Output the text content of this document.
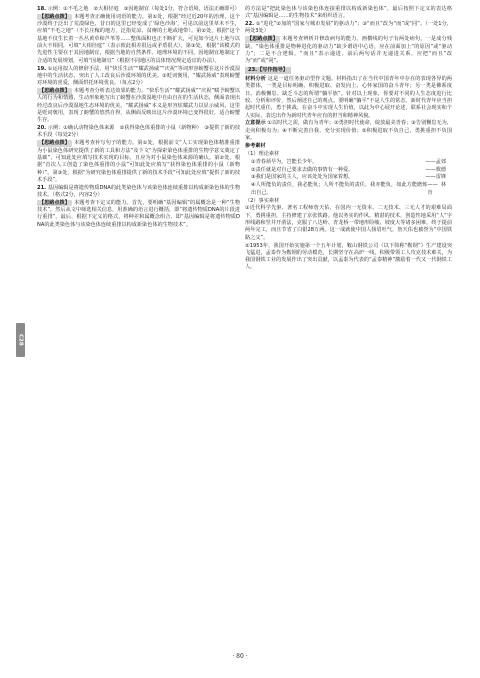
C28
18. 示例：①不毛之地　②大相径庭　③因地制宜（每处1分，符合语境，语法正确即可）
【思路点拨】 本题考查正确使用词语的能力。第①处，根据“经过近20年的治理，这个沙漠终于泛出了荒漠绿色，昔日的这里已经变成了‘绿色沙海’，可见以前这里草木不生，应填“不毛之地”（不长庄稼的地方，泛指荒凉、贫瘠的土地或地带）。第②处，根据“这个基地不仅生长着一丛丛黄草和芦苇等……整体面积也正不断扩大，可见如今这片土地与以前大不相同，可填“大相径庭”（表示彼此相差很远或矛盾很大）。第③处，根据“该模式的先进性主要在于其因地制宜，根据当地的自然条件、地理环境的不同，因地制宜地制定了合适的发展规划，可填“因地制宜”（根据不同地区的具体情况规定适宜的办法）。
19. ①运用拟人的修辞手法，用“快乐生活”“耀武扬威”“庆祝”等词形容螃蟹在这片沙漠湿地中的生活状态，突出了人工改良后沙漠环境的优美。②贬词褒用，“耀武扬威”表现螃蟹对环境的喜爱，侧面烘托环境优良。（每点2分）
【思路点拨】 本题考查分析表达效果的能力。“快乐生活”“耀武扬威”“庆祝”赋予螃蟹以人的行为和情感，生动形象地写出了螃蟹在沙漠湿地中自由自在的生活状态，侧面表现出经过改良后沙漠湿地生态环境的优美。“耀武扬威”本义是形容炫耀武力以显示威风，这里是贬词褒用，表现了螃蟹的悠然自得，从侧面反映出这片沙漠环境已变得很好，适合螃蟹生存。
20. 示例：①确认动物染色体来源　②获得染色体重排的小鼠（新物种）　③提供了新的技术手段（每处2分）
【思路点拨】 本题考查补写句子的能力。第①处，根据前文“人工实现染色体精准重排为小鼠染色体研究提供了新的工具和方法”及下文“为探索染色体重排的生物学意义奠定了基础”，可知此处应填写技术实现的目标，且应为对小鼠染色体来源的确认。第②处，根据“首次人工创造了染色体重排的小鼠”可知此处应填写“获得染色体重排的小鼠（新物种）”。第③处，根据“为研究染色体重排提供了新的技术手段”可知此处应填“提供了新的技术手段”。
21. 基因编辑是将遗传物质DNA的此类染色体与该染色体连续重排以构成新染色体的生物技术。（格式2分，内容2分）
【思路点拨】 本题考查下定义的能力。首先，要明确“基因编辑”的属概念是一种“生物技术”，然后从文中筛选相关信息，用准确的语言进行概括，即“将遗传物质DNA的片段进行重排”。最后，根据下定义的格式，将种差和属概念组合，即“基因编辑是将遗传物质DNA的此类染色体与该染色体连续重排以构成新染色体的生物技术”。
的方法是“把此染色体与该染色体连接重排以构成新染色体”，最后按照下定义的表达格式“基因编辑是……的生物技术”来组织语言。
22. ①“进化”②加的“国家与城市发展”的驱动力”；③“而且”改为“而”或“同”。（一处1分，两处3处）
【思路点拨】 本题考查辨析并修改病句的能力。画横线的句子有两处病句，一是成分残缺，“染色体重排是物种进化的驱动力”缺少谓语中心语，应在前面加上“的原因”或“驱动力”；二是不合逻辑，“而且”表示递进，前后两句话并无递进关系，应把“而且”改为“而”或“同”。
23.【写作指导】
材料分析 这是一道任务驱动型作文题。材料指出了在当代中国青年中存在的表现各异的两类群体，一类是目标明确、积极进取、奋发向上、心怀家国的奋斗青年；另一类是佛系度日、消极懈怠、缺乏斗志的所谓“躺平族”。针对以上现象，你要对不同的人生态度进行比较、分析和评价，然后阐述自己的观点。要明确“躺平”不是人生的常态，新时代青年应当担起时代重任，勇于挑战，在奋斗中实现人生价值，以此为中心展开论述，联系社会现实和个人实际，表达出作为新时代青年应有的担当和精神风貌。
立意提示 ①以时代之需，做有为青年；②勇担时代使命，绽放最美青春；③告别懈怠无为，走向积极有为；④不断完善自我，充分实现价值；⑤积极进取不负自己，勇挑重担不负国家。
参考素材
（1）理论素材
①青春须早为，岂能长少年。	——孟郊
②责任就是对自己要求去做的事情有一种爱。	——歌德
③我们是国家的主人，应该处处为国家着想。	——雷锋
④人所能负的责任，我必能负；人所不能负的责任，我亦能负，如此方能磨炼出自己。
——林肯
（2）事实素材
①近代科学先驱、著名工程师詹天佑，在国内一无资本、二无技术、三无人才的艰难局面下，勇挑重担，主持修建了京张铁路。他以务实的作风、精湛的技术，创造性地采用“人”字形线路和竖井开凿法，克服了八达岭、青龙桥一带地形险峻、坡度大等诸多困难，终于提前两年完工，而且节省了白银28万两。这一成就使中国人扬眉吐气，詹天佑也被誉为“中国铁路之父”。
②1953年，我国开始实施第一个五年计划，鞍山钢铁公司（以下简称“鞍钢”）生产建设突飞猛进，孟泰作为鞍钢的劳动模范，长期坚守在高炉一线，积极带领工人攻克技术难关，为我国钢铁工业的发展作出了突出贡献，以孟泰为代表的“孟泰精神”激励着一代又一代钢铁工人。
· 80 ·
